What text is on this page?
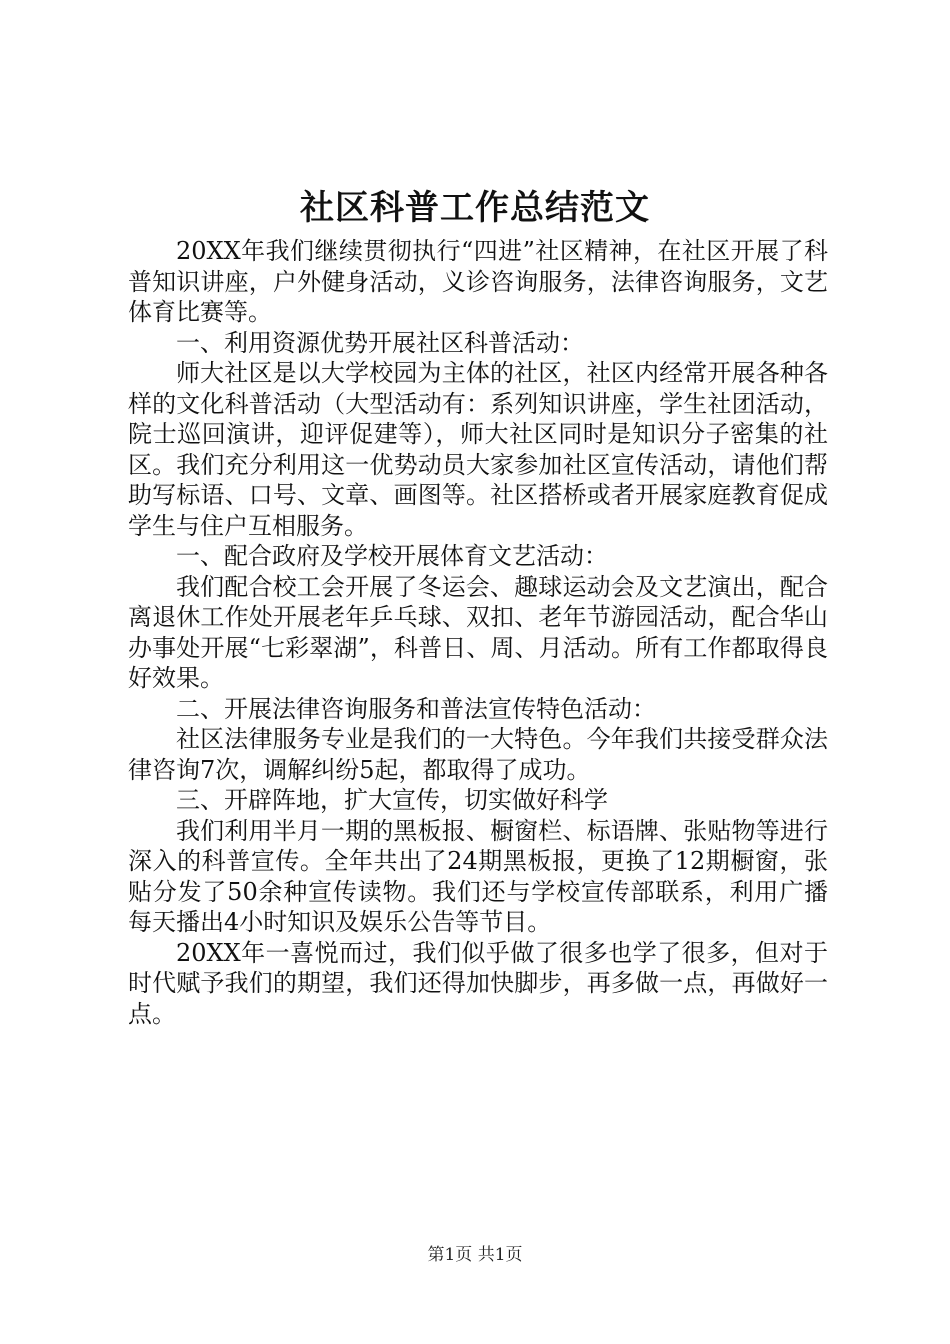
社区科普工作总结范文

20XX年我们继续贯彻执行“四进”社区精神，在社区开展了科普知识讲座，户外健身活动，义诊咨询服务，法律咨询服务，文艺体育比赛等。

一、利用资源优势开展社区科普活动：

师大社区是以大学校园为主体的社区，社区内经常开展各种各样的文化科普活动（大型活动有：系列知识讲座，学生社团活动，院士巡回演讲，迎评促建等），师大社区同时是知识分子密集的社区。我们充分利用这一优势动员大家参加社区宣传活动，请他们帮助写标语、口号、文章、画图等。社区搭桥或者开展家庭教育促成学生与住户互相服务。

一、配合政府及学校开展体育文艺活动：

我们配合校工会开展了冬运会、趣球运动会及文艺演出，配合离退休工作处开展老年乒乓球、双扣、老年节游园活动，配合华山办事处开展“七彩翠湖”，科普日、周、月活动。所有工作都取得良好效果。

二、开展法律咨询服务和普法宣传特色活动：

社区法律服务专业是我们的一大特色。今年我们共接受群众法律咨询7次，调解纠纷5起，都取得了成功。

三、开辟阵地，扩大宣传，切实做好科学

我们利用半月一期的黑板报、橱窗栏、标语牌、张贴物等进行深入的科普宣传。全年共出了24期黑板报，更换了12期橱窗，张贴分发了50余种宣传读物。我们还与学校宣传部联系，利用广播每天播出4小时知识及娱乐公告等节目。

20XX年一喜悦而过，我们似乎做了很多也学了很多，但对于时代赋予我们的期望，我们还得加快脚步，再多做一点，再做好一点。

第1页 共1页
